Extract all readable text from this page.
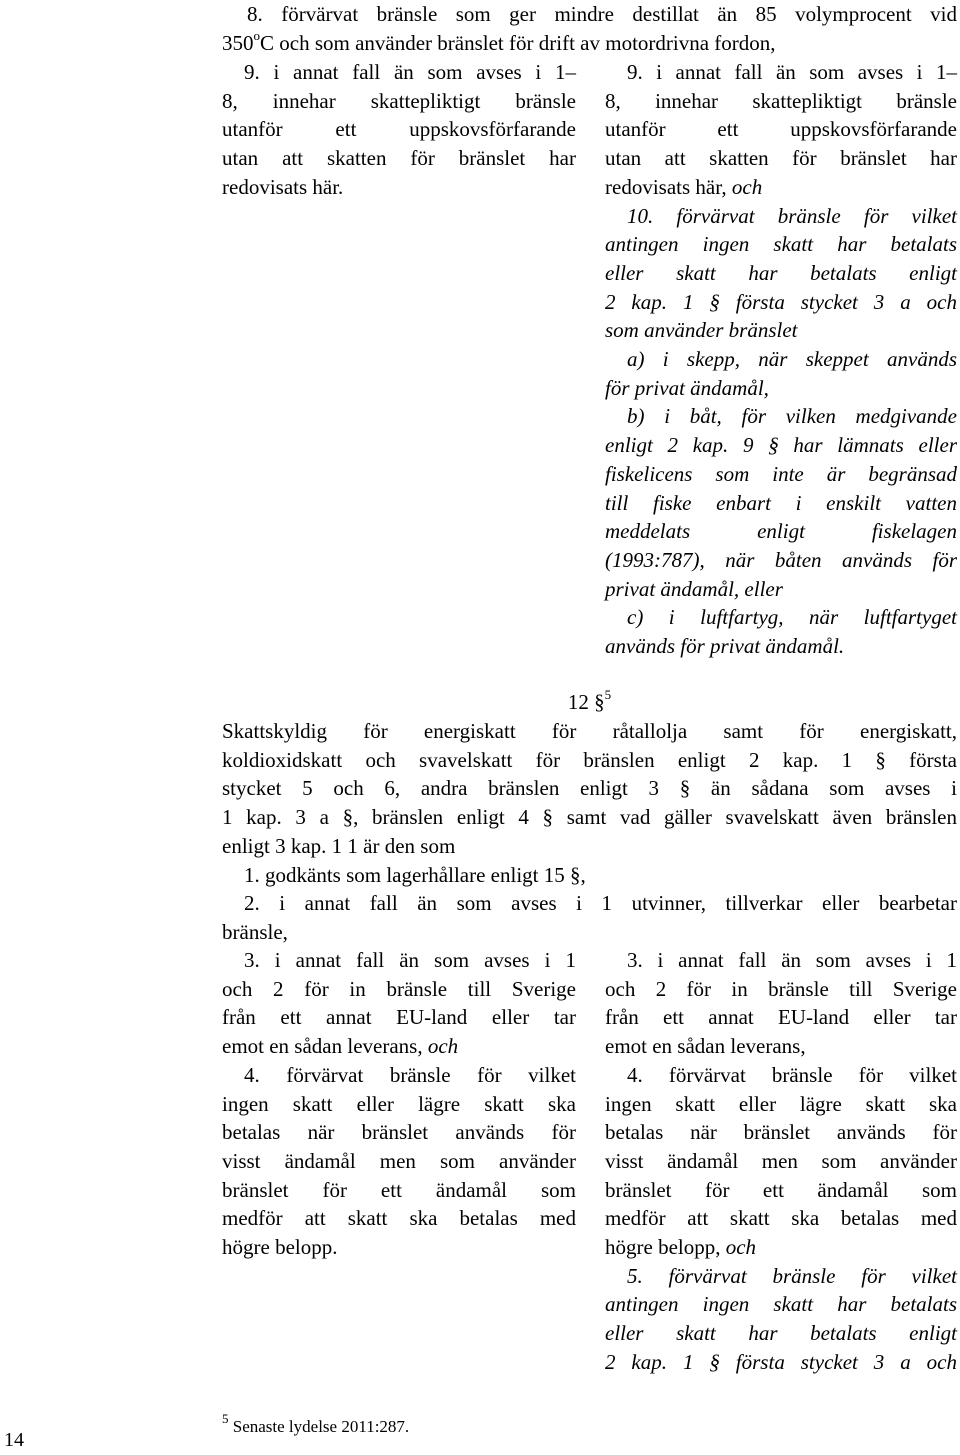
8. förvärvat bränsle som ger mindre destillat än 85 volymprocent vid
350$^o$C och som använder bränslet för drift av motordrivna fordon,
9. i annat fall än som avses i 1–
8, innehar skattepliktigt bränsle
utanför ett uppskovsförfarande
utan att skatten för bränslet har
redovisats här.
9. i annat fall än som avses i 1–
8, innehar skattepliktigt bränsle
utanför ett uppskovsförfarande
utan att skatten för bränslet har
redovisats här, och
10. förvärvat bränsle för vilket
antingen ingen skatt har betalats
eller skatt har betalats enligt
2 kap. 1 § första stycket 3 a och
som använder bränslet
a) i skepp, när skeppet används
för privat ändamål,
b) i båt, för vilken medgivande
enligt 2 kap. 9 § har lämnats eller
fiskelicens som inte är begränsad
till fiske enbart i enskilt vatten
meddelats enligt fiskelagen
(1993:787), när båten används för
privat ändamål, eller
c) i luftfartyg, när luftfartyget
används för privat ändamål.
12 §$^5$
Skattskyldig för energiskatt för råtallolja samt för energiskatt,
koldioxidskatt och svavelskatt för bränslen enligt 2 kap. 1 § första
stycket 5 och 6, andra bränslen enligt 3 § än sådana som avses i
1 kap. 3 a §, bränslen enligt 4 § samt vad gäller svavelskatt även bränslen
enligt 3 kap. 1 1 är den som
1. godkänts som lagerhållare enligt 15 §,
2. i annat fall än som avses i 1 utvinner, tillverkar eller bearbetar
bränsle,
3. i annat fall än som avses i 1
och 2 för in bränsle till Sverige
från ett annat EU-land eller tar
emot en sådan leverans, och
4. förvärvat bränsle för vilket
ingen skatt eller lägre skatt ska
betalas när bränslet används för
visst ändamål men som använder
bränslet för ett ändamål som
medför att skatt ska betalas med
högre belopp.
3. i annat fall än som avses i 1
och 2 för in bränsle till Sverige
från ett annat EU-land eller tar
emot en sådan leverans,
4. förvärvat bränsle för vilket
ingen skatt eller lägre skatt ska
betalas när bränslet används för
visst ändamål men som använder
bränslet för ett ändamål som
medför att skatt ska betalas med
högre belopp, och
5. förvärvat bränsle för vilket
antingen ingen skatt har betalats
eller skatt har betalats enligt
2 kap. 1 § första stycket 3 a och
$^5$ Senaste lydelse 2011:287.
14
